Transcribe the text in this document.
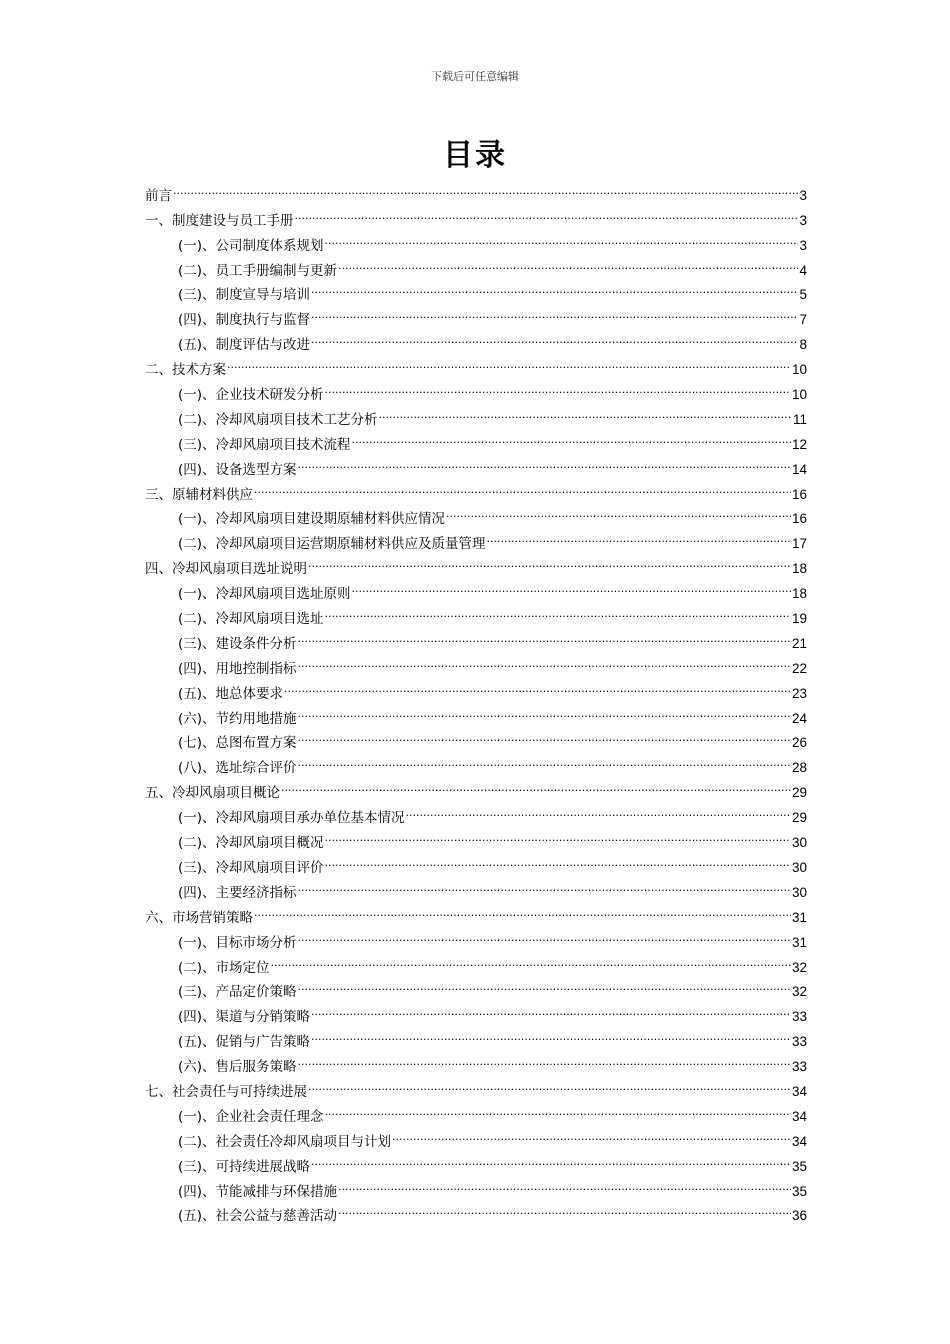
下载后可任意编辑
目录
前言 .....	3
一、制度建设与员工手册 .....	3
(一)、公司制度体系规划 .....	3
(二)、员工手册编制与更新 .....	4
(三)、制度宣导与培训 .....	5
(四)、制度执行与监督 .....	7
(五)、制度评估与改进 .....	8
二、技术方案 .....	10
(一)、企业技术研发分析 .....	10
(二)、冷却风扇项目技术工艺分析 .....	11
(三)、冷却风扇项目技术流程 .....	12
(四)、设备选型方案 .....	14
三、原辅材料供应 .....	16
(一)、冷却风扇项目建设期原辅材料供应情况 .....	16
(二)、冷却风扇项目运营期原辅材料供应及质量管理 .....	17
四、冷却风扇项目选址说明 .....	18
(一)、冷却风扇项目选址原则 .....	18
(二)、冷却风扇项目选址 .....	19
(三)、建设条件分析 .....	21
(四)、用地控制指标 .....	22
(五)、地总体要求 .....	23
(六)、节约用地措施 .....	24
(七)、总图布置方案 .....	26
(八)、选址综合评价 .....	28
五、冷却风扇项目概论 .....	29
(一)、冷却风扇项目承办单位基本情况 .....	29
(二)、冷却风扇项目概况 .....	30
(三)、冷却风扇项目评价 .....	30
(四)、主要经济指标 .....	30
六、市场营销策略 .....	31
(一)、目标市场分析 .....	31
(二)、市场定位 .....	32
(三)、产品定价策略 .....	32
(四)、渠道与分销策略 .....	33
(五)、促销与广告策略 .....	33
(六)、售后服务策略 .....	33
七、社会责任与可持续进展 .....	34
(一)、企业社会责任理念 .....	34
(二)、社会责任冷却风扇项目与计划 .....	34
(三)、可持续进展战略 .....	35
(四)、节能减排与环保措施 .....	35
(五)、社会公益与慈善活动 .....	36
